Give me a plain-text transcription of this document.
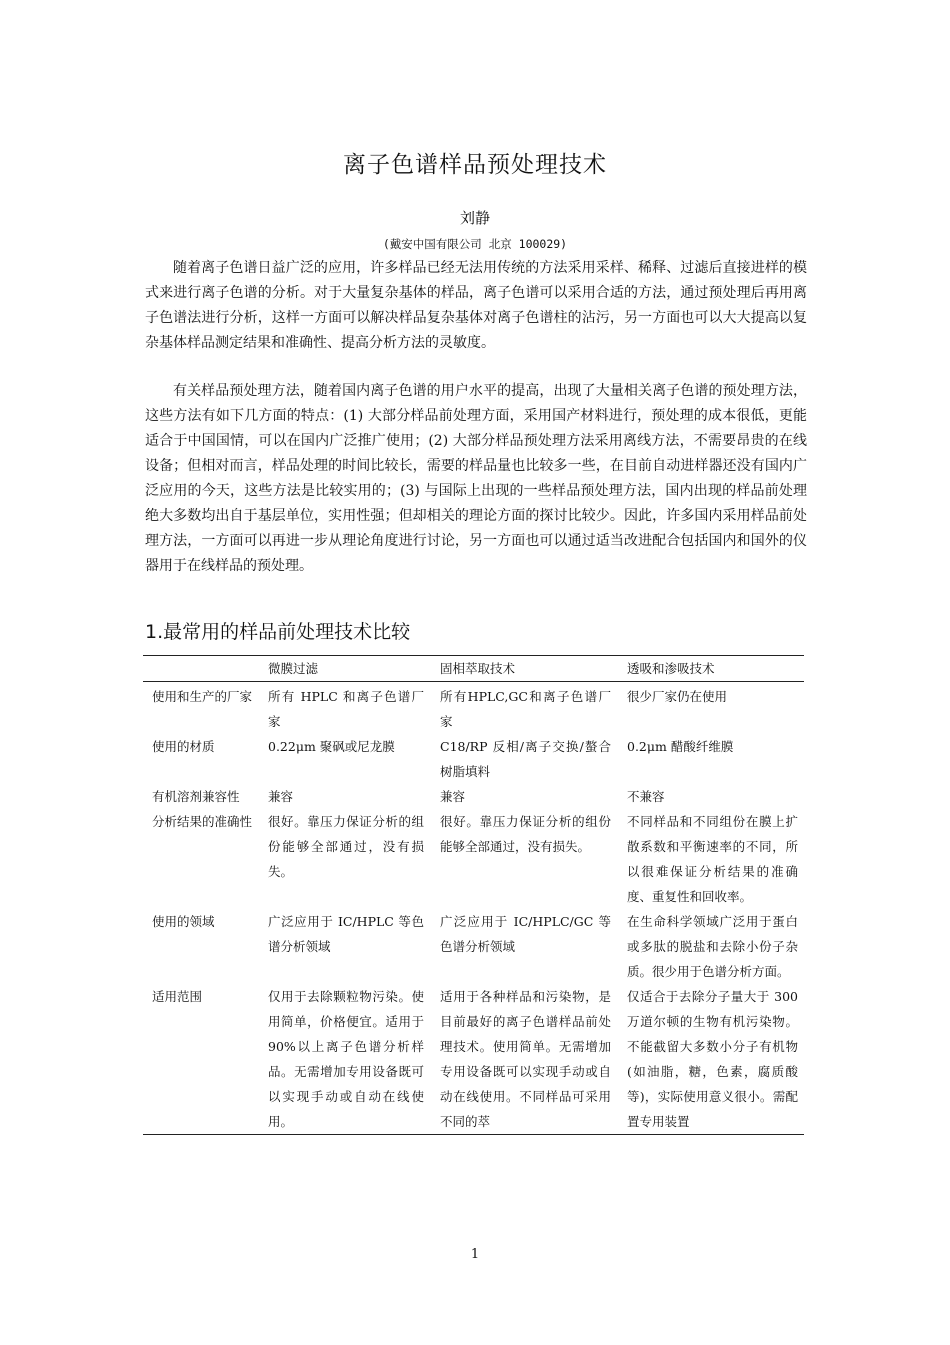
离子色谱样品预处理技术
刘静
(戴安中国有限公司 北京 100029)

随着离子色谱日益广泛的应用，许多样品已经无法用传统的方法采用采样、稀释、过滤后直接进样的模式来进行离子色谱的分析。对于大量复杂基体的样品，离子色谱可以采用合适的方法，通过预处理后再用离子色谱法进行分析，这样一方面可以解决样品复杂基体对离子色谱柱的沾污，另一方面也可以大大提高以复杂基体样品测定结果和准确性、提高分析方法的灵敏度。

有关样品预处理方法，随着国内离子色谱的用户水平的提高，出现了大量相关离子色谱的预处理方法，这些方法有如下几方面的特点：(1) 大部分样品前处理方面，采用国产材料进行，预处理的成本很低，更能适合于中国国情，可以在国内广泛推广使用；(2) 大部分样品预处理方法采用离线方法，不需要昂贵的在线设备；但相对而言，样品处理的时间比较长，需要的样品量也比较多一些，在目前自动进样器还没有国内广泛应用的今天，这些方法是比较实用的；(3) 与国际上出现的一些样品预处理方法，国内出现的样品前处理绝大多数均出自于基层单位，实用性强；但却相关的理论方面的探讨比较少。因此，许多国内采用样品前处理方法，一方面可以再进一步从理论角度进行讨论，另一方面也可以通过适当改进配合包括国内和国外的仪器用于在线样品的预处理。

1.最常用的样品前处理技术比较
	微膜过滤	固相萃取技术	透吸和渗吸技术
使用和生产的厂家	所有 HPLC 和离子色谱厂家	所有HPLC,GC和离子色谱厂家	很少厂家仍在使用
使用的材质	0.22μm 聚砜或尼龙膜	C18/RP 反相/离子交换/螯合树脂填料	0.2μm 醋酸纤维膜
有机溶剂兼容性	兼容	兼容	不兼容
分析结果的准确性	很好。靠压力保证分析的组份能够全部通过，没有损失。	很好。靠压力保证分析的组份能够全部通过，没有损失。	不同样品和不同组份在膜上扩散系数和平衡速率的不同，所以很难保证分析结果的准确度、重复性和回收率。
使用的领域	广泛应用于 IC/HPLC 等色谱分析领域	广泛应用于 IC/HPLC/GC 等色谱分析领域	在生命科学领域广泛用于蛋白或多肽的脱盐和去除小份子杂质。很少用于色谱分析方面。
适用范围	仅用于去除颗粒物污染。使用简单，价格便宜。适用于 90%以上离子色谱分析样品。无需增加专用设备既可以实现手动或自动在线使用。	适用于各种样品和污染物，是目前最好的离子色谱样品前处理技术。使用简单。无需增加专用设备既可以实现手动或自动在线使用。不同样品可采用不同的萃	仅适合于去除分子量大于 300 万道尔顿的生物有机污染物。不能截留大多数小分子有机物(如油脂，糖，色素，腐质酸等)，实际使用意义很小。需配置专用装置
1
